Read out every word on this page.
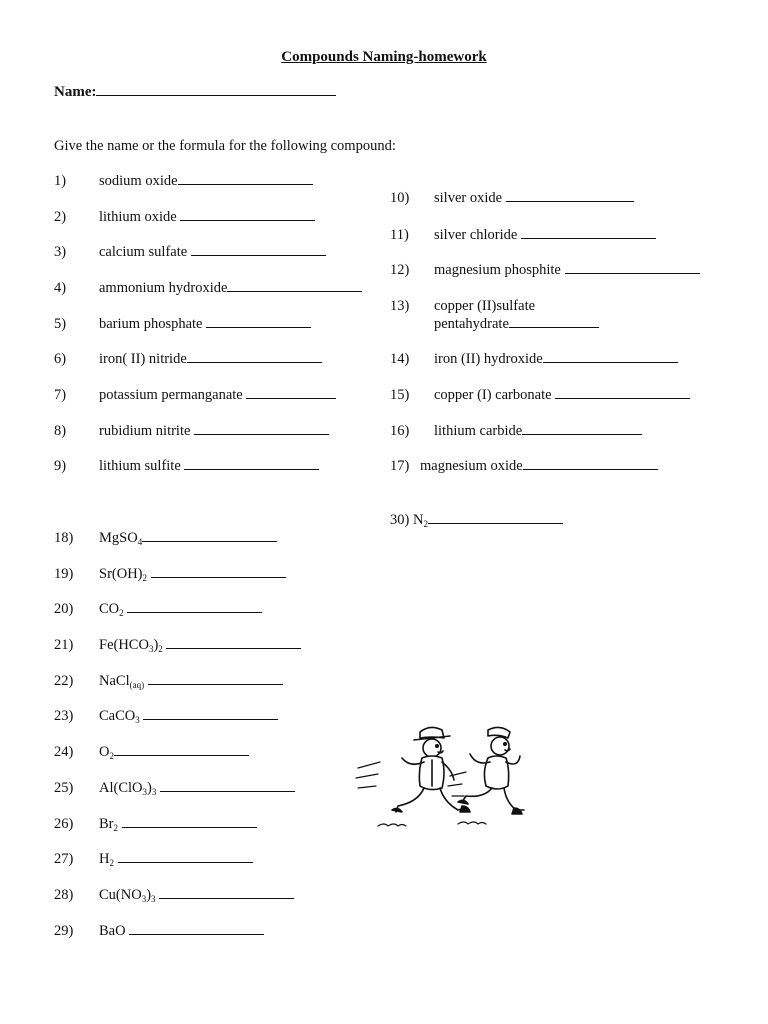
Compounds Naming-homework
Name:
Give the name or the formula for the following compound:
1) sodium oxide
2) lithium oxide
3) calcium sulfate
4) ammonium hydroxide
5) barium phosphate
6) iron( II) nitride
7) potassium permanganate
8) rubidium nitrite
9) lithium sulfite
10) silver oxide
11) silver chloride
12) magnesium phosphite
13) copper (II)sulfate
pentahydrate
14) iron (II) hydroxide
15) copper (I) carbonate
16) lithium carbide
17) magnesium oxide
30) $N_2$
18) MgSO$_4$
19) $Sr(OH)_2$
20) $CO_2$
21) $Fe(HCO_3)_2$
22) NaCl$_{(aq)}$
23) CaCO$_3$
24) $O_2$
25) $Al(ClO_3)_3$
26) $Br_2$
27) $H_2$
28) $Cu(NO_3)_3$
29) BaO
